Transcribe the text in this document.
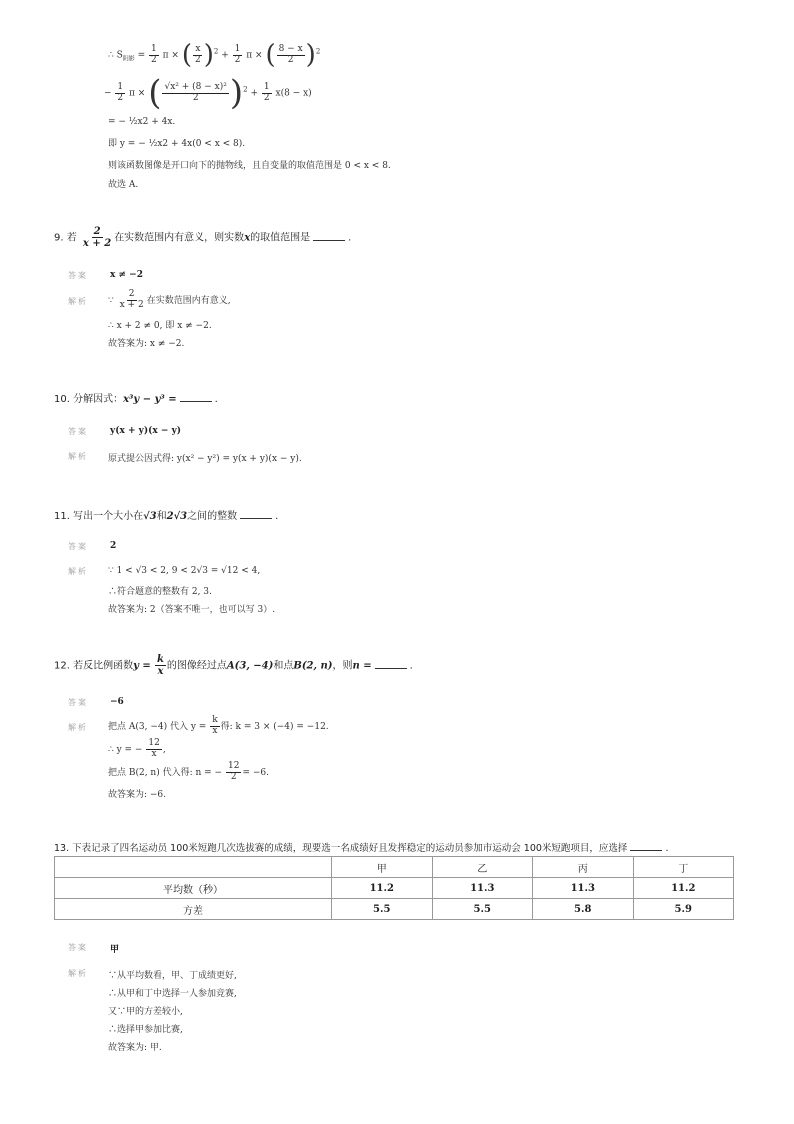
∴ $S_{阴影} = \frac{1}{2}$ π × ( $\frac{x}{2} )^2 + \frac{1}{2}$ π × ( $\frac{8 - x}{2} )^2$
− $\frac{1}{2}$ π × ( $\frac{\text{√x² + (8 − x)²}}{2} )^2 + \frac{1}{2} x(8 - x)$
= − ½x2 + 4x.
即 y = − ½x2 + 4x(0 < x < 8).
则该函数图像是开口向下的抛物线，且自变量的取值范围是 0 < x < 8.
故选 A.
9. 若 $\frac{2}{x + 2}$ 在实数范围内有意义，则实数x的取值范围是	.
答案 x ≠ −2
解析 ∵ $\frac{2}{x + 2}$ 在实数范围内有意义,
∴ x + 2 ≠ 0, 即 x ≠ −2.
故答案为: x ≠ −2.
10. 分解因式：x³y − y³ =	.
答案 y(x + y)(x − y)
解析 原式提公因式得: y(x² − y²) = y(x + y)(x − y).
11. 写出一个大小在√3和2√3之间的整数	.
答案 2
解析 ∵ 1 < √3 < 2, 9 < 2√3 = √12 < 4,
∴符合题意的整数有 2, 3.
故答案为: 2（答案不唯一，也可以写 3）.
12. 若反比例函数$y = \frac{k}{x}$ 的图像经过点A(3, −4)和点B(2, n)，则n =	.
答案 −6
解析 把点 A(3, −4) 代入 $y = \frac{k}{x}$ 得: k = 3 × (−4) = −12.
∴ y = − $\frac{12}{x}$ ,
把点 B(2, n) 代入得: n = − $\frac{12}{2} = -6$.
故答案为: −6.
13. 下表记录了四名运动员 100米短跑几次选拔赛的成绩，现要选一名成绩好且发挥稳定的运动员参加市运动会 100米短跑项目，应选择	.
	甲	乙	丙	丁
平均数（秒）	11.2	11.3	11.3	11.2
方差	5.5	5.5	5.8	5.9
答案 甲
解析 ∵从平均数看，甲、丁成绩更好,
∴从甲和丁中选择一人参加竞赛,
又∵甲的方差较小,
∴选择甲参加比赛,
故答案为: 甲.
